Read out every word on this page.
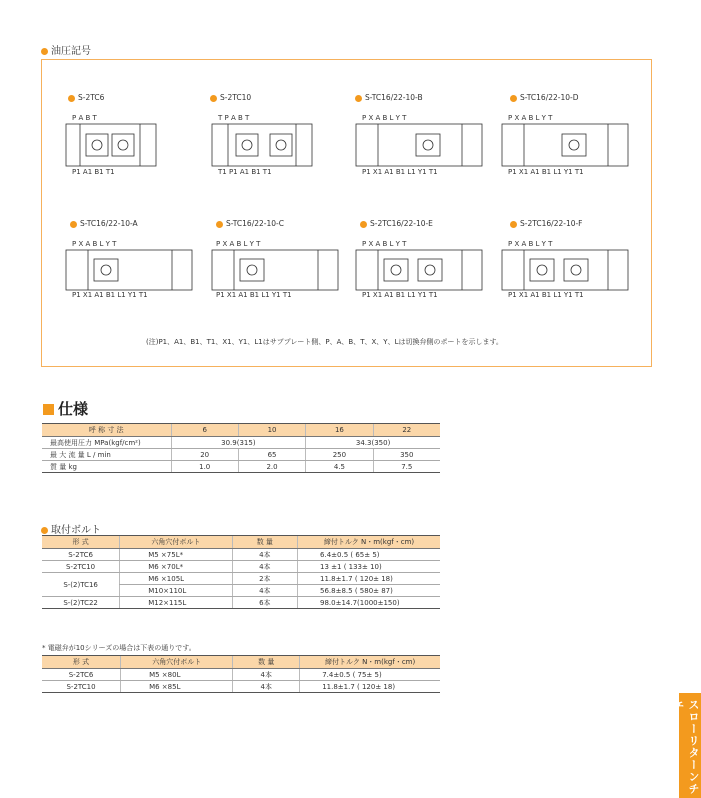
油圧記号
S-2TC6	S-2TC10	S-TC16/22-10-B	S-TC16/22-10-D
S-TC16/22-10-A	S-TC16/22-10-C	S-2TC16/22-10-E	S-2TC16/22-10-F
P A B T
P1 A1 B1 T1
T P A B T
T1 P1 A1 B1 T1
P X A B L Y T
P1 X1 A1 B1 L1 Y1 T1
P X A B L Y T
P1 X1 A1 B1 L1 Y1 T1
P X A B L Y T
P1 X1 A1 B1 L1 Y1 T1
P X A B L Y T
P1 X1 A1 B1 L1 Y1 T1
P X A B L Y T
P1 X1 A1 B1 L1 Y1 T1
P X A B L Y T
P1 X1 A1 B1 L1 Y1 T1
(注)P1、A1、B1、T1、X1、Y1、L1はサブプレート側、P、A、B、T、X、Y、Lは切換弁側のポートを示します。
仕様
呼 称 寸 法	6	10	16	22
最高使用圧力 MPa(kgf/cm²)	30.9(315)		34.3(350)	
最 大 流 量 L / min	20	65	250	350
質 量 kg	1.0	2.0	4.5	7.5
取付ボルト
形 式	六角穴付ボルト	数 量	締付トルク N・m(kgf・cm)
S-2TC6	M5 ×75L*	4本	6.4±0.5 ( 65± 5)
S-2TC10	M6 ×70L*	4本	13 ±1 ( 133± 10)
S-(2)TC16	M6 ×105L	2本	11.8±1.7 ( 120± 18)
	M10×110L	4本	56.8±8.5 ( 580± 87)
S-(2)TC22	M12×115L	6本	98.0±14.7(1000±150)
* 電磁弁が10シリーズの場合は下表の通りです。
形 式	六角穴付ボルト	数 量	締付トルク N・m(kgf・cm)
S-2TC6	M5 ×80L	4本	7.4±0.5 ( 75± 5)
S-2TC10	M6 ×85L	4本	11.8±1.7 ( 120± 18)
スローリターンチェ
